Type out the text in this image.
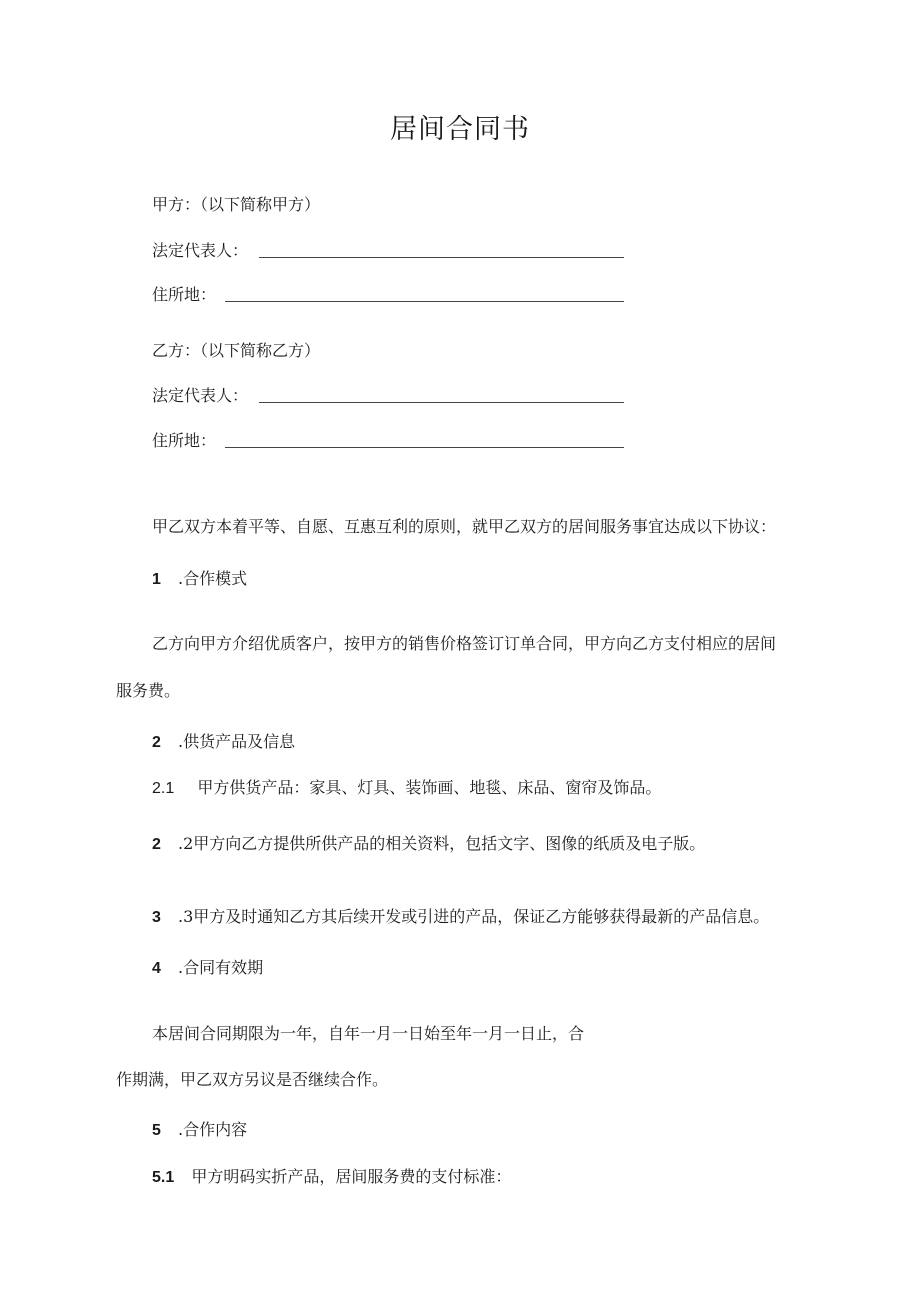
居间合同书
甲方：（以下简称甲方）
法定代表人：
住所地：
乙方：（以下简称乙方）
法定代表人：
住所地：
甲乙双方本着平等、自愿、互惠互利的原则，就甲乙双方的居间服务事宜达成以下协议：
1 .合作模式
乙方向甲方介绍优质客户，按甲方的销售价格签订订单合同，甲方向乙方支付相应的居间
服务费。
2 .供货产品及信息
2.1 甲方供货产品：家具、灯具、装饰画、地毯、床品、窗帘及饰品。
2 .2甲方向乙方提供所供产品的相关资料，包括文字、图像的纸质及电子版。
3 .3甲方及时通知乙方其后续开发或引进的产品，保证乙方能够获得最新的产品信息。
4 .合同有效期
本居间合同期限为一年，自年一月一日始至年一月一日止，合
作期满，甲乙双方另议是否继续合作。
5 .合作内容
5.1 甲方明码实折产品，居间服务费的支付标准：
